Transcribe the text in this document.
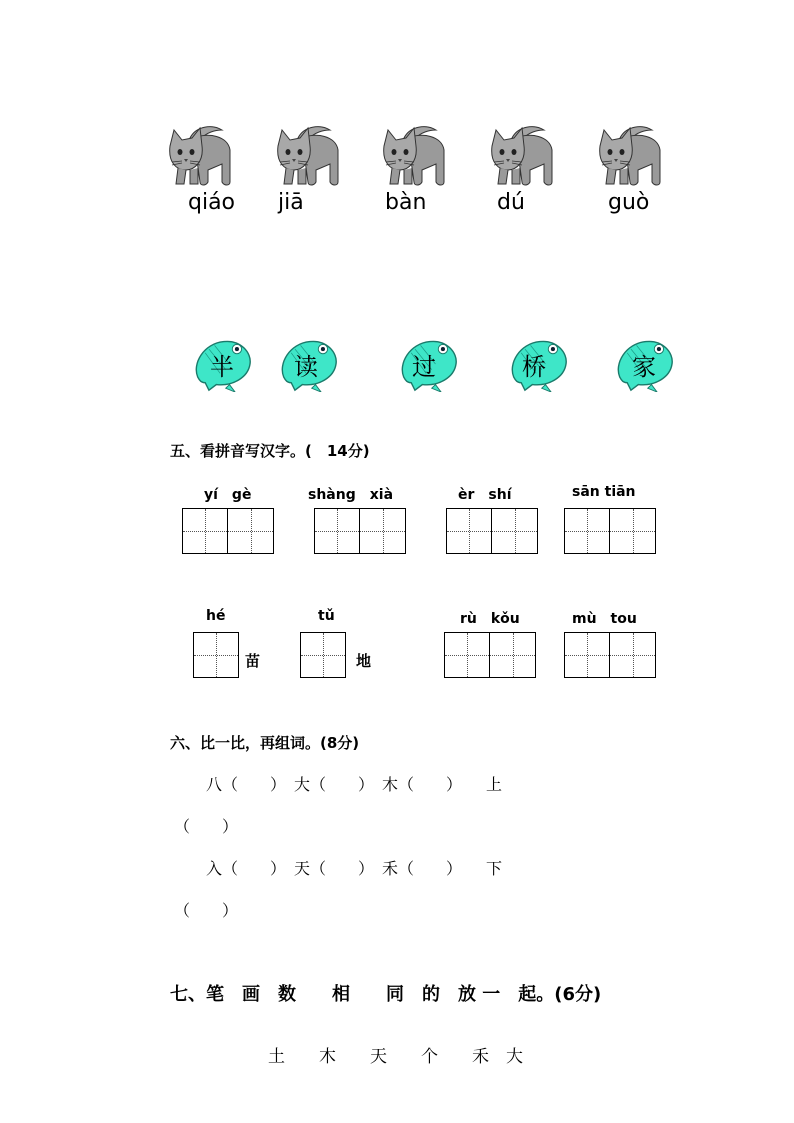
qiáo jiā	bàn	dú	guò
半	读	过	桥	家
五、看拼音写汉字。(　14分)
yí　gè	shàng　xià	èr　shí	sān tiān
hé	tǔ	rù　kǒu	mù　tou
苗	地
六、比一比，再组词。(8分)
八（　　）　大（　　）　木（　　）　　上
（　　）
入（　　）　天（　　）　禾（　　）　　下
（　　）
七、笔　画　数　　相　　同　的　放 一　起。(6分)
土　　木　　天　　个　　禾　大
